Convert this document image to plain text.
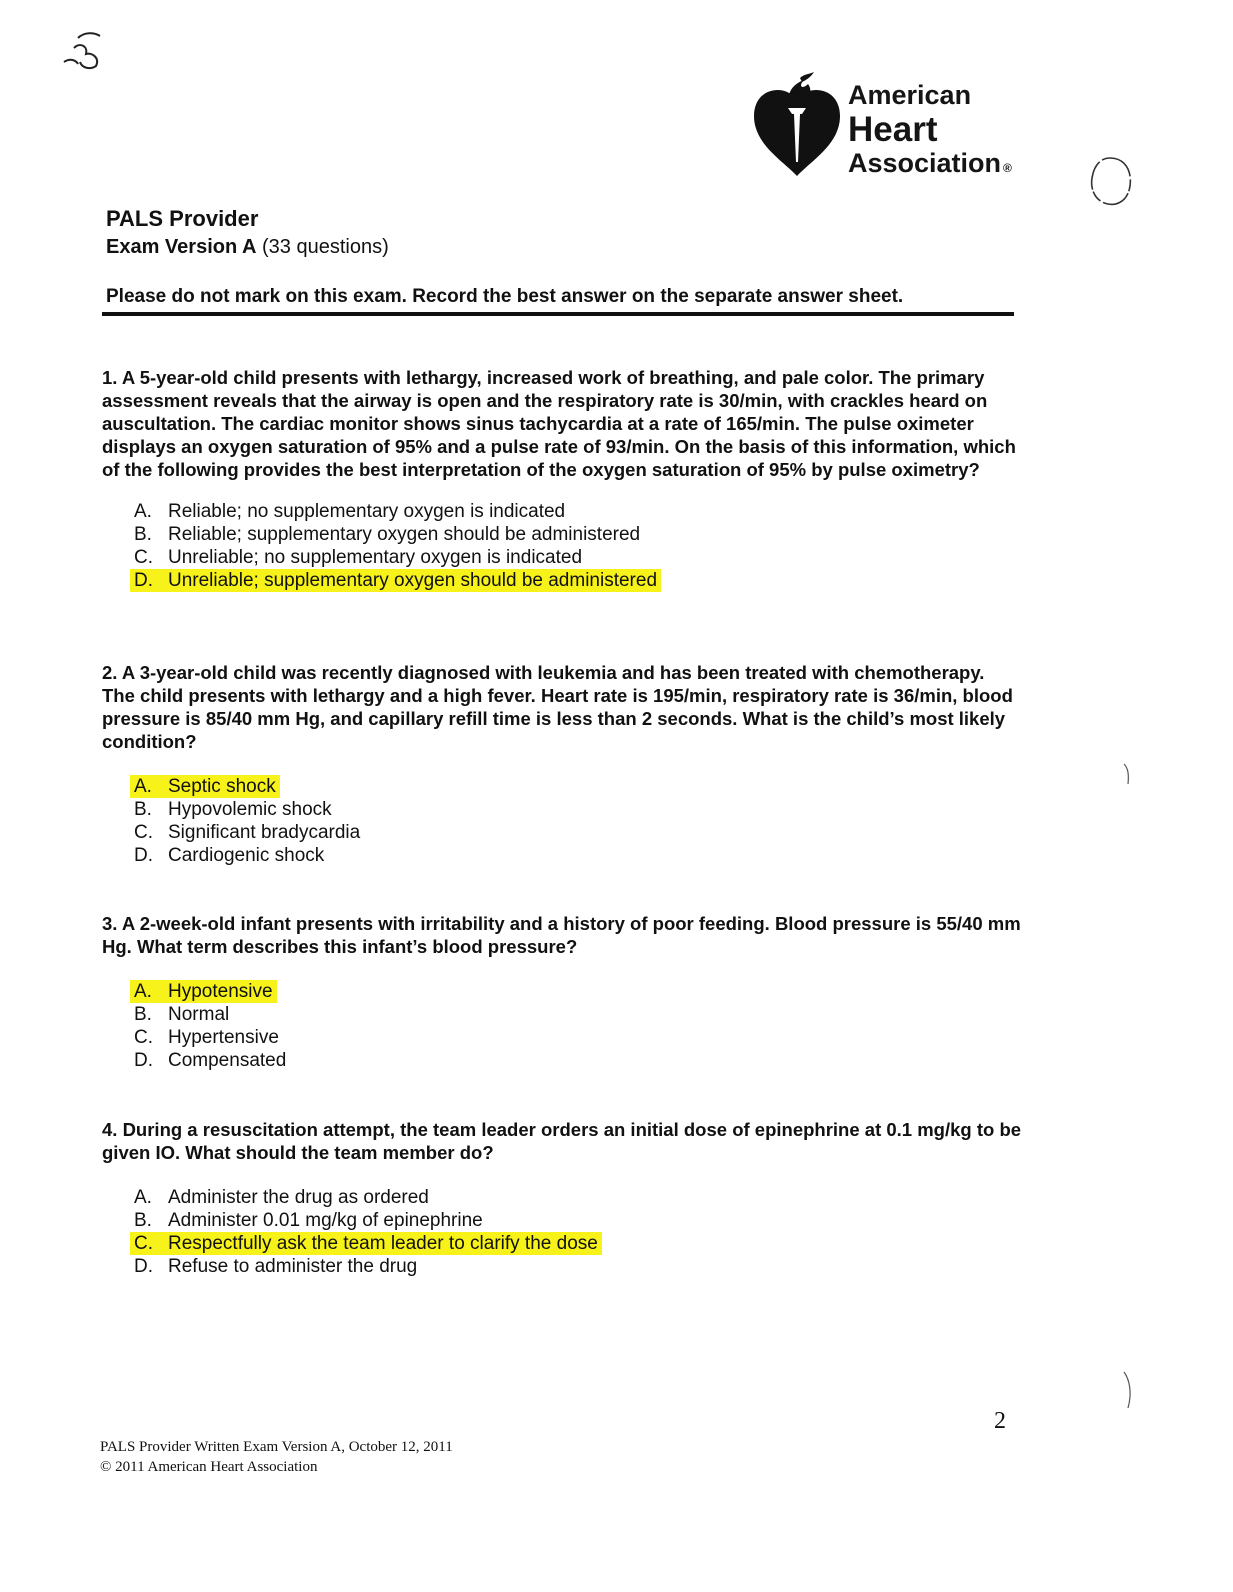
American
Heart
Association ®
PALS Provider
Exam Version A (33 questions)
Please do not mark on this exam. Record the best answer on the separate answer sheet.

1. A 5-year-old child presents with lethargy, increased work of breathing, and pale color. The primary assessment reveals that the airway is open and the respiratory rate is 30/min, with crackles heard on auscultation. The cardiac monitor shows sinus tachycardia at a rate of 165/min. The pulse oximeter displays an oxygen saturation of 95% and a pulse rate of 93/min. On the basis of this information, which of the following provides the best interpretation of the oxygen saturation of 95% by pulse oximetry?

A. Reliable; no supplementary oxygen is indicated
B. Reliable; supplementary oxygen should be administered
C. Unreliable; no supplementary oxygen is indicated
D. Unreliable; supplementary oxygen should be administered

2. A 3-year-old child was recently diagnosed with leukemia and has been treated with chemotherapy. The child presents with lethargy and a high fever. Heart rate is 195/min, respiratory rate is 36/min, blood pressure is 85/40 mm Hg, and capillary refill time is less than 2 seconds. What is the child’s most likely condition?

A. Septic shock
B. Hypovolemic shock
C. Significant bradycardia
D. Cardiogenic shock

3. A 2-week-old infant presents with irritability and a history of poor feeding. Blood pressure is 55/40 mm Hg. What term describes this infant’s blood pressure?

A. Hypotensive
B. Normal
C. Hypertensive
D. Compensated

4. During a resuscitation attempt, the team leader orders an initial dose of epinephrine at 0.1 mg/kg to be given IO. What should the team member do?

A. Administer the drug as ordered
B. Administer 0.01 mg/kg of epinephrine
C. Respectfully ask the team leader to clarify the dose
D. Refuse to administer the drug
2
PALS Provider Written Exam Version A, October 12, 2011
© 2011 American Heart Association
